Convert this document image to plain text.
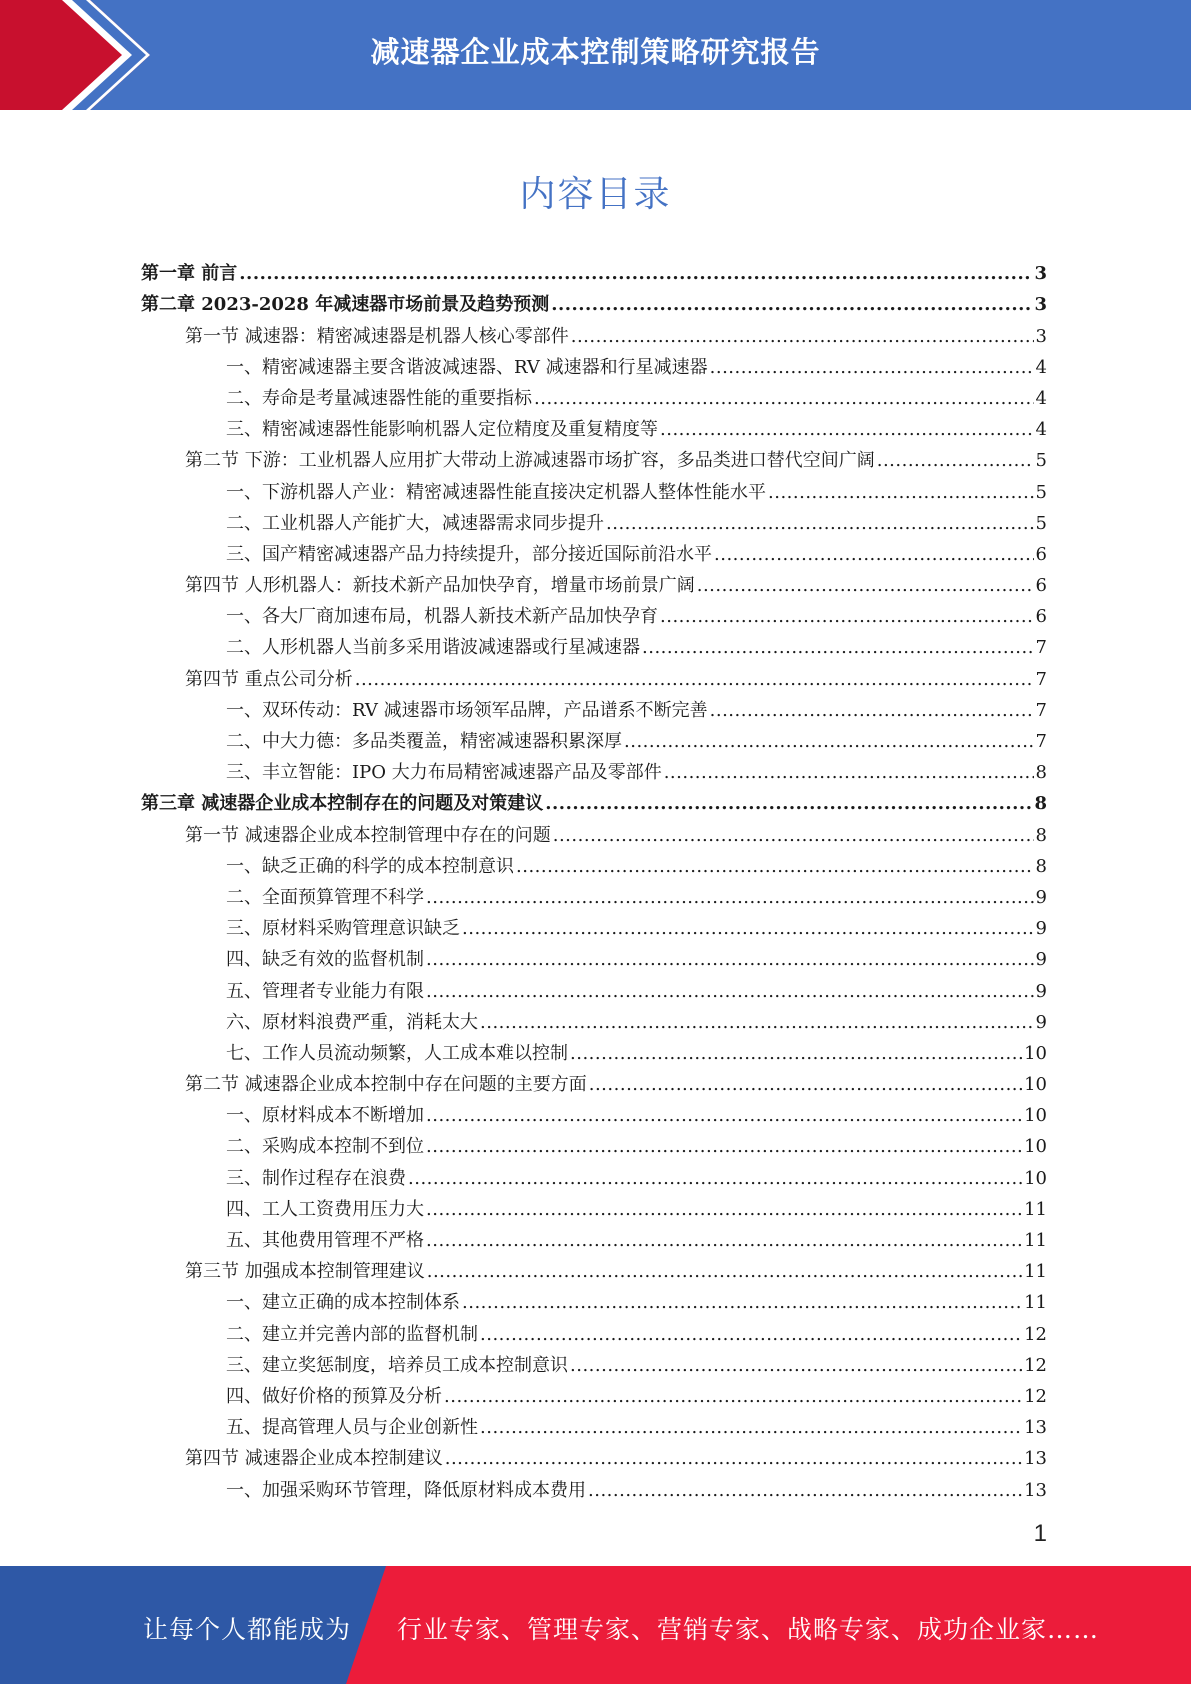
减速器企业成本控制策略研究报告
内容目录
第一章 前言 .....	3
第二章 2023-2028 年减速器市场前景及趋势预测 .....	3
第一节 减速器：精密减速器是机器人核心零部件 .....	3
一、精密减速器主要含谐波减速器、RV 减速器和行星减速器 .....	4
二、寿命是考量减速器性能的重要指标 .....	4
三、精密减速器性能影响机器人定位精度及重复精度等 .....	4
第二节 下游：工业机器人应用扩大带动上游减速器市场扩容，多品类进口替代空间广阔 .....	5
一、下游机器人产业：精密减速器性能直接决定机器人整体性能水平 .....	5
二、工业机器人产能扩大，减速器需求同步提升 .....	5
三、国产精密减速器产品力持续提升，部分接近国际前沿水平 .....	6
第四节 人形机器人：新技术新产品加快孕育，增量市场前景广阔 .....	6
一、各大厂商加速布局，机器人新技术新产品加快孕育 .....	6
二、人形机器人当前多采用谐波减速器或行星减速器 .....	7
第四节 重点公司分析 .....	7
一、双环传动：RV 减速器市场领军品牌，产品谱系不断完善 .....	7
二、中大力德：多品类覆盖，精密减速器积累深厚 .....	7
三、丰立智能：IPO 大力布局精密减速器产品及零部件 .....	8
第三章 减速器企业成本控制存在的问题及对策建议 .....	8
第一节 减速器企业成本控制管理中存在的问题 .....	8
一、缺乏正确的科学的成本控制意识 .....	8
二、全面预算管理不科学 .....	9
三、原材料采购管理意识缺乏 .....	9
四、缺乏有效的监督机制 .....	9
五、管理者专业能力有限 .....	9
六、原材料浪费严重，消耗太大 .....	9
七、工作人员流动频繁，人工成本难以控制 .....	10
第二节 减速器企业成本控制中存在问题的主要方面 .....	10
一、原材料成本不断增加 .....	10
二、采购成本控制不到位 .....	10
三、制作过程存在浪费 .....	10
四、工人工资费用压力大 .....	11
五、其他费用管理不严格 .....	11
第三节 加强成本控制管理建议 .....	11
一、建立正确的成本控制体系 .....	11
二、建立并完善内部的监督机制 .....	12
三、建立奖惩制度，培养员工成本控制意识 .....	12
四、做好价格的预算及分析 .....	12
五、提高管理人员与企业创新性 .....	13
第四节 减速器企业成本控制建议 .....	13
一、加强采购环节管理，降低原材料成本费用 .....	13
1
让每个人都能成为 行业专家、管理专家、营销专家、战略专家、成功企业家……
